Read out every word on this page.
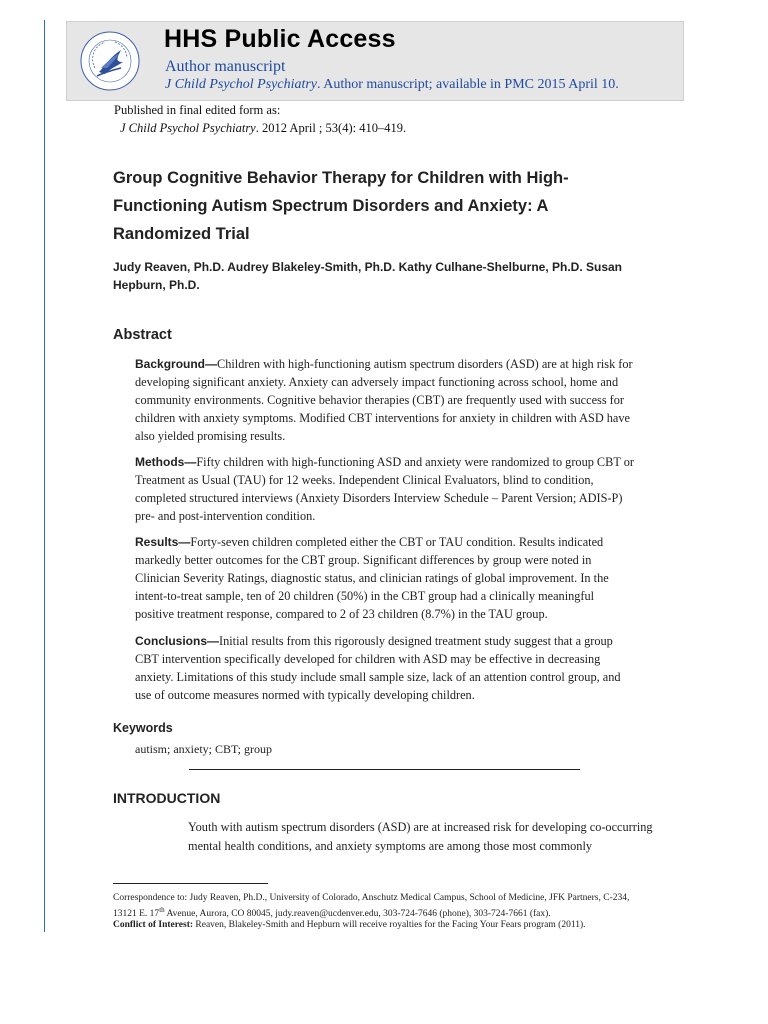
HHS Public Access
Author manuscript
J Child Psychol Psychiatry. Author manuscript; available in PMC 2015 April 10.
Published in final edited form as:
J Child Psychol Psychiatry. 2012 April ; 53(4): 410–419.
Group Cognitive Behavior Therapy for Children with High-Functioning Autism Spectrum Disorders and Anxiety: A Randomized Trial
Judy Reaven, Ph.D. Audrey Blakeley-Smith, Ph.D. Kathy Culhane-Shelburne, Ph.D. Susan Hepburn, Ph.D.
Abstract
Background—Children with high-functioning autism spectrum disorders (ASD) are at high risk for developing significant anxiety. Anxiety can adversely impact functioning across school, home and community environments. Cognitive behavior therapies (CBT) are frequently used with success for children with anxiety symptoms. Modified CBT interventions for anxiety in children with ASD have also yielded promising results.
Methods—Fifty children with high-functioning ASD and anxiety were randomized to group CBT or Treatment as Usual (TAU) for 12 weeks. Independent Clinical Evaluators, blind to condition, completed structured interviews (Anxiety Disorders Interview Schedule – Parent Version; ADIS-P) pre- and post-intervention condition.
Results—Forty-seven children completed either the CBT or TAU condition. Results indicated markedly better outcomes for the CBT group. Significant differences by group were noted in Clinician Severity Ratings, diagnostic status, and clinician ratings of global improvement. In the intent-to-treat sample, ten of 20 children (50%) in the CBT group had a clinically meaningful positive treatment response, compared to 2 of 23 children (8.7%) in the TAU group.
Conclusions—Initial results from this rigorously designed treatment study suggest that a group CBT intervention specifically developed for children with ASD may be effective in decreasing anxiety. Limitations of this study include small sample size, lack of an attention control group, and use of outcome measures normed with typically developing children.
Keywords
autism; anxiety; CBT; group
INTRODUCTION
Youth with autism spectrum disorders (ASD) are at increased risk for developing co-occurring mental health conditions, and anxiety symptoms are among those most commonly
Correspondence to: Judy Reaven, Ph.D., University of Colorado, Anschutz Medical Campus, School of Medicine, JFK Partners, C-234, 13121 E. 17th Avenue, Aurora, CO 80045, judy.reaven@ucdenver.edu, 303-724-7646 (phone), 303-724-7661 (fax).
Conflict of Interest: Reaven, Blakeley-Smith and Hepburn will receive royalties for the Facing Your Fears program (2011).
